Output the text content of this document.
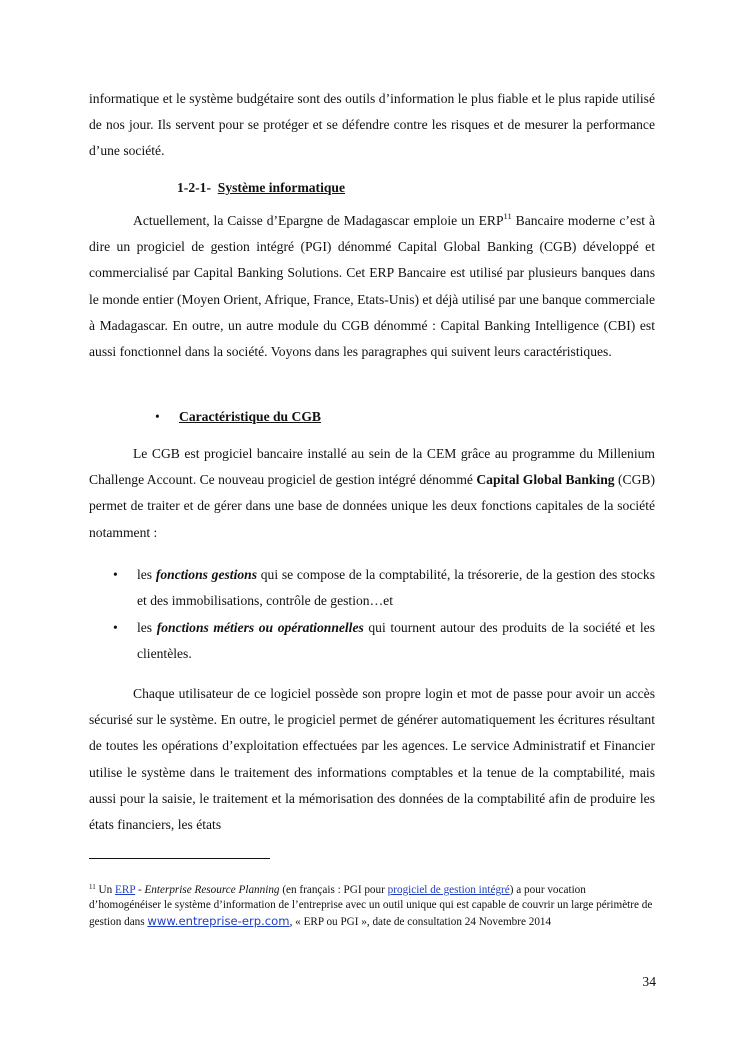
informatique et le système budgétaire sont des outils d’information le plus fiable et le plus rapide utilisé de nos jour. Ils servent pour se protéger et se défendre contre les risques et de mesurer la performance d’une société.

1-2-1- Système informatique

Actuellement, la Caisse d’Epargne de Madagascar emploie un ERP$^{11}$ Bancaire moderne c’est à dire un progiciel de gestion intégré (PGI) dénommé Capital Global Banking (CGB) développé et commercialisé par Capital Banking Solutions. Cet ERP Bancaire est utilisé par plusieurs banques dans le monde entier (Moyen Orient, Afrique, France, Etats-Unis) et déjà utilisé par une banque commerciale à Madagascar. En outre, un autre module du CGB dénommé : Capital Banking Intelligence (CBI) est aussi fonctionnel dans la société. Voyons dans les paragraphes qui suivent leurs caractéristiques.

• Caractéristique du CGB

Le CGB est progiciel bancaire installé au sein de la CEM grâce au programme du Millenium Challenge Account. Ce nouveau progiciel de gestion intégré dénommé Capital Global Banking (CGB) permet de traiter et de gérer dans une base de données unique les deux fonctions capitales de la société notamment :

• les fonctions gestions qui se compose de la comptabilité, la trésorerie, de la gestion des stocks et des immobilisations, contrôle de gestion…et

• les fonctions métiers ou opérationnelles qui tournent autour des produits de la société et les clientèles.

Chaque utilisateur de ce logiciel possède son propre login et mot de passe pour avoir un accès sécurisé sur le système. En outre, le progiciel permet de générer automatiquement les écritures résultant de toutes les opérations d’exploitation effectuées par les agences. Le service Administratif et Financier utilise le système dans le traitement des informations comptables et la tenue de la comptabilité, mais aussi pour la saisie, le traitement et la mémorisation des données de la comptabilité afin de produire les états financiers, les états

$^{11}$ Un ERP - Enterprise Resource Planning (en français : PGI pour progiciel de gestion intégré) a pour vocation d’homogénéiser le système d’information de l’entreprise avec un outil unique qui est capable de couvrir un large périmètre de gestion dans www.entreprise-erp.com, « ERP ou PGI », date de consultation 24 Novembre 2014

34
